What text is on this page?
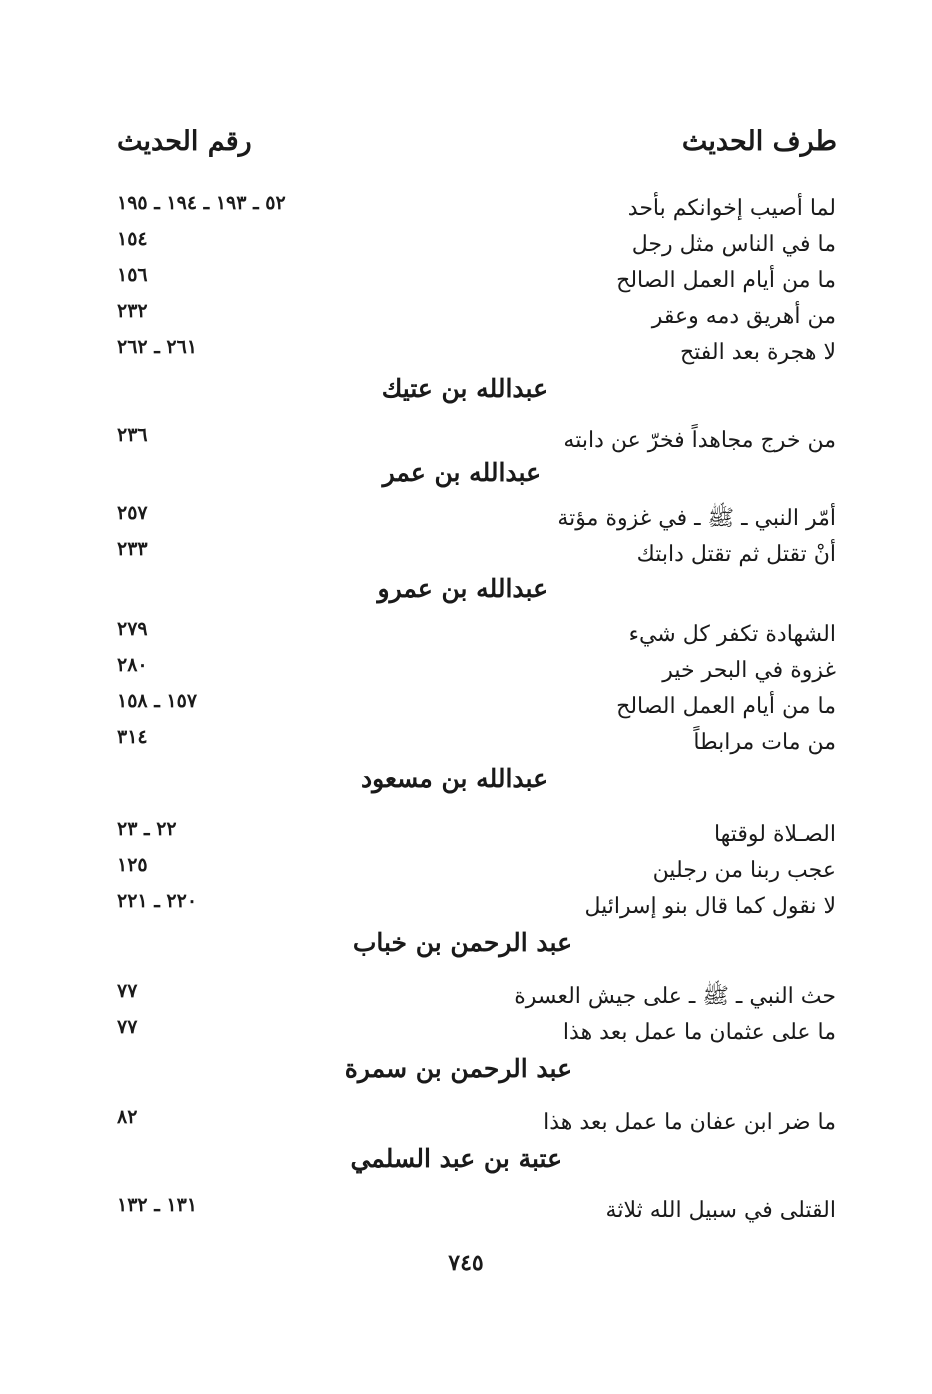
طرف الحديث
رقم الحديث
لما أصيب إخوانكم بأحد
٥٢ ـ ١٩٣ ـ ١٩٤ ـ ١٩٥
ما في الناس مثل رجل
١٥٤
ما من أيام العمل الصالح
١٥٦
من أهريق دمه وعقر
٢٣٢
لا هجرة بعد الفتح
٢٦١ ـ ٢٦٢
عبدالله بن عتيك
من خرج مجاهداً فخرّ عن دابته
٢٣٦
عبدالله بن عمر
أمّر النبي ـ ﷺ ـ في غزوة مؤتة
٢٥٧
أنْ تقتل ثم تقتل دابتك
٢٣٣
عبدالله بن عمرو
الشهادة تكفر كل شيء
٢٧٩
غزوة في البحر خير
٢٨٠
ما من أيام العمل الصالح
١٥٧ ـ ١٥٨
من مات مرابطاً
٣١٤
عبدالله بن مسعود
الصـلاة لوقتها
٢٢ ـ ٢٣
عجب ربنا من رجلين
١٢٥
لا نقول كما قال بنو إسرائيل
٢٢٠ ـ ٢٢١
عبد الرحمن بن خباب
حث النبي ـ ﷺ ـ على جيش العسرة
٧٧
ما على عثمان ما عمل بعد هذا
٧٧
عبد الرحمن بن سمرة
ما ضر ابن عفان ما عمل بعد هذا
٨٢
عتبة بن عبد السلمي
القتلى في سبيل الله ثلاثة
١٣١ ـ ١٣٢
٧٤٥
